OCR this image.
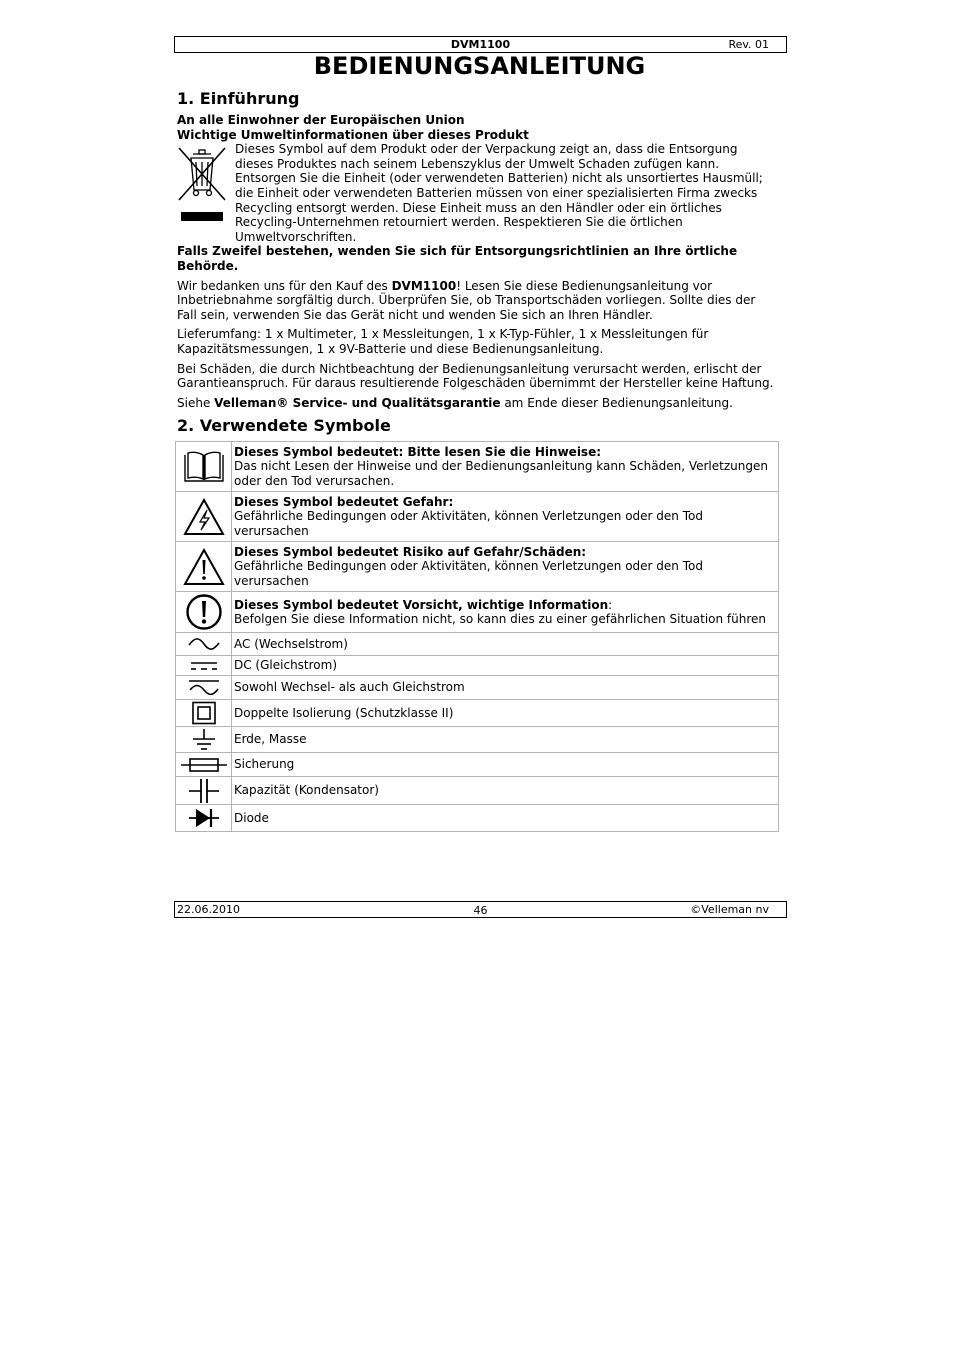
DVM1100	Rev. 01
BEDIENUNGSANLEITUNG
1. Einführung

An alle Einwohner der Europäischen Union

Wichtige Umweltinformationen über dieses Produkt

Dieses Symbol auf dem Produkt oder der Verpackung zeigt an, dass die Entsorgung dieses Produktes nach seinem Lebenszyklus der Umwelt Schaden zufügen kann. Entsorgen Sie die Einheit (oder verwendeten Batterien) nicht als unsortiertes Hausmüll; die Einheit oder verwendeten Batterien müssen von einer spezialisierten Firma zwecks Recycling entsorgt werden. Diese Einheit muss an den Händler oder ein örtliches Recycling-Unternehmen retourniert werden. Respektieren Sie die örtlichen Umweltvorschriften.

Falls Zweifel bestehen, wenden Sie sich für Entsorgungsrichtlinien an Ihre örtliche Behörde.

Wir bedanken uns für den Kauf des DVM1100! Lesen Sie diese Bedienungsanleitung vor Inbetriebnahme sorgfältig durch. Überprüfen Sie, ob Transportschäden vorliegen. Sollte dies der Fall sein, verwenden Sie das Gerät nicht und wenden Sie sich an Ihren Händler.

Lieferumfang: 1 x Multimeter, 1 x Messleitungen, 1 x K-Typ-Fühler, 1 x Messleitungen für Kapazitätsmessungen, 1 x 9V-Batterie und diese Bedienungsanleitung.

Bei Schäden, die durch Nichtbeachtung der Bedienungsanleitung verursacht werden, erlischt der Garantieanspruch. Für daraus resultierende Folgeschäden übernimmt der Hersteller keine Haftung.

Siehe Velleman® Service- und Qualitätsgarantie am Ende dieser Bedienungsanleitung.

2. Verwendete Symbole
	Dieses Symbol bedeutet: Bitte lesen Sie die Hinweise:
Das nicht Lesen der Hinweise und der Bedienungsanleitung kann Schäden, Verletzungen oder den Tod verursachen.

	Dieses Symbol bedeutet Gefahr:
Gefährliche Bedingungen oder Aktivitäten, können Verletzungen oder den Tod verursachen

	Dieses Symbol bedeutet Risiko auf Gefahr/Schäden:
Gefährliche Bedingungen oder Aktivitäten, können Verletzungen oder den Tod verursachen

	Dieses Symbol bedeutet Vorsicht, wichtige Information:
Befolgen Sie diese Information nicht, so kann dies zu einer gefährlichen Situation führen

	AC (Wechselstrom)

	DC (Gleichstrom)

	Sowohl Wechsel- als auch Gleichstrom

	Doppelte Isolierung (Schutzklasse II)

	Erde, Masse

	Sicherung

	Kapazität (Kondensator)

	Diode
22.06.2010	46	©Velleman nv
